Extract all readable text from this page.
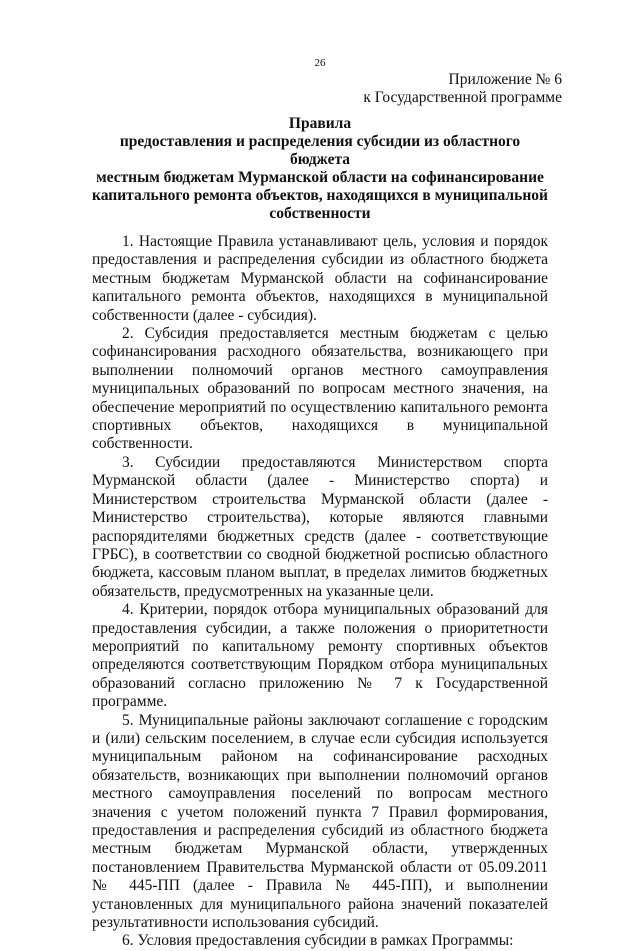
26
Приложение № 6
к Государственной программе
Правила
предоставления и распределения субсидии из областного бюджета
местным бюджетам Мурманской области на софинансирование
капитального ремонта объектов, находящихся в муниципальной
собственности

1. Настоящие Правила устанавливают цель, условия и порядок предоставления и распределения субсидии из областного бюджета местным бюджетам Мурманской области на софинансирование капитального ремонта объектов, находящихся в муниципальной собственности (далее - субсидия).

2. Субсидия предоставляется местным бюджетам с целью софинансирования расходного обязательства, возникающего при выполнении полномочий органов местного самоуправления муниципальных образований по вопросам местного значения, на обеспечение мероприятий по осуществлению капитального ремонта спортивных объектов, находящихся в муниципальной собственности.

3. Субсидии предоставляются Министерством спорта Мурманской области (далее - Министерство спорта) и Министерством строительства Мурманской области (далее - Министерство строительства), которые являются главными распорядителями бюджетных средств (далее - соответствующие ГРБС), в соответствии со сводной бюджетной росписью областного бюджета, кассовым планом выплат, в пределах лимитов бюджетных обязательств, предусмотренных на указанные цели.

4. Критерии, порядок отбора муниципальных образований для предоставления субсидии, а также положения о приоритетности мероприятий по капитальному ремонту спортивных объектов определяются соответствующим Порядком отбора муниципальных образований согласно приложению № 7 к Государственной программе.

5. Муниципальные районы заключают соглашение с городским и (или) сельским поселением, в случае если субсидия используется муниципальным районом на софинансирование расходных обязательств, возникающих при выполнении полномочий органов местного самоуправления поселений по вопросам местного значения с учетом положений пункта 7 Правил формирования, предоставления и распределения субсидий из областного бюджета местным бюджетам Мурманской области, утвержденных постановлением Правительства Мурманской области от 05.09.2011 № 445-ПП (далее - Правила № 445-ПП), и выполнении установленных для муниципального района значений показателей результативности использования субсидий.

6. Условия предоставления субсидии в рамках Программы:
